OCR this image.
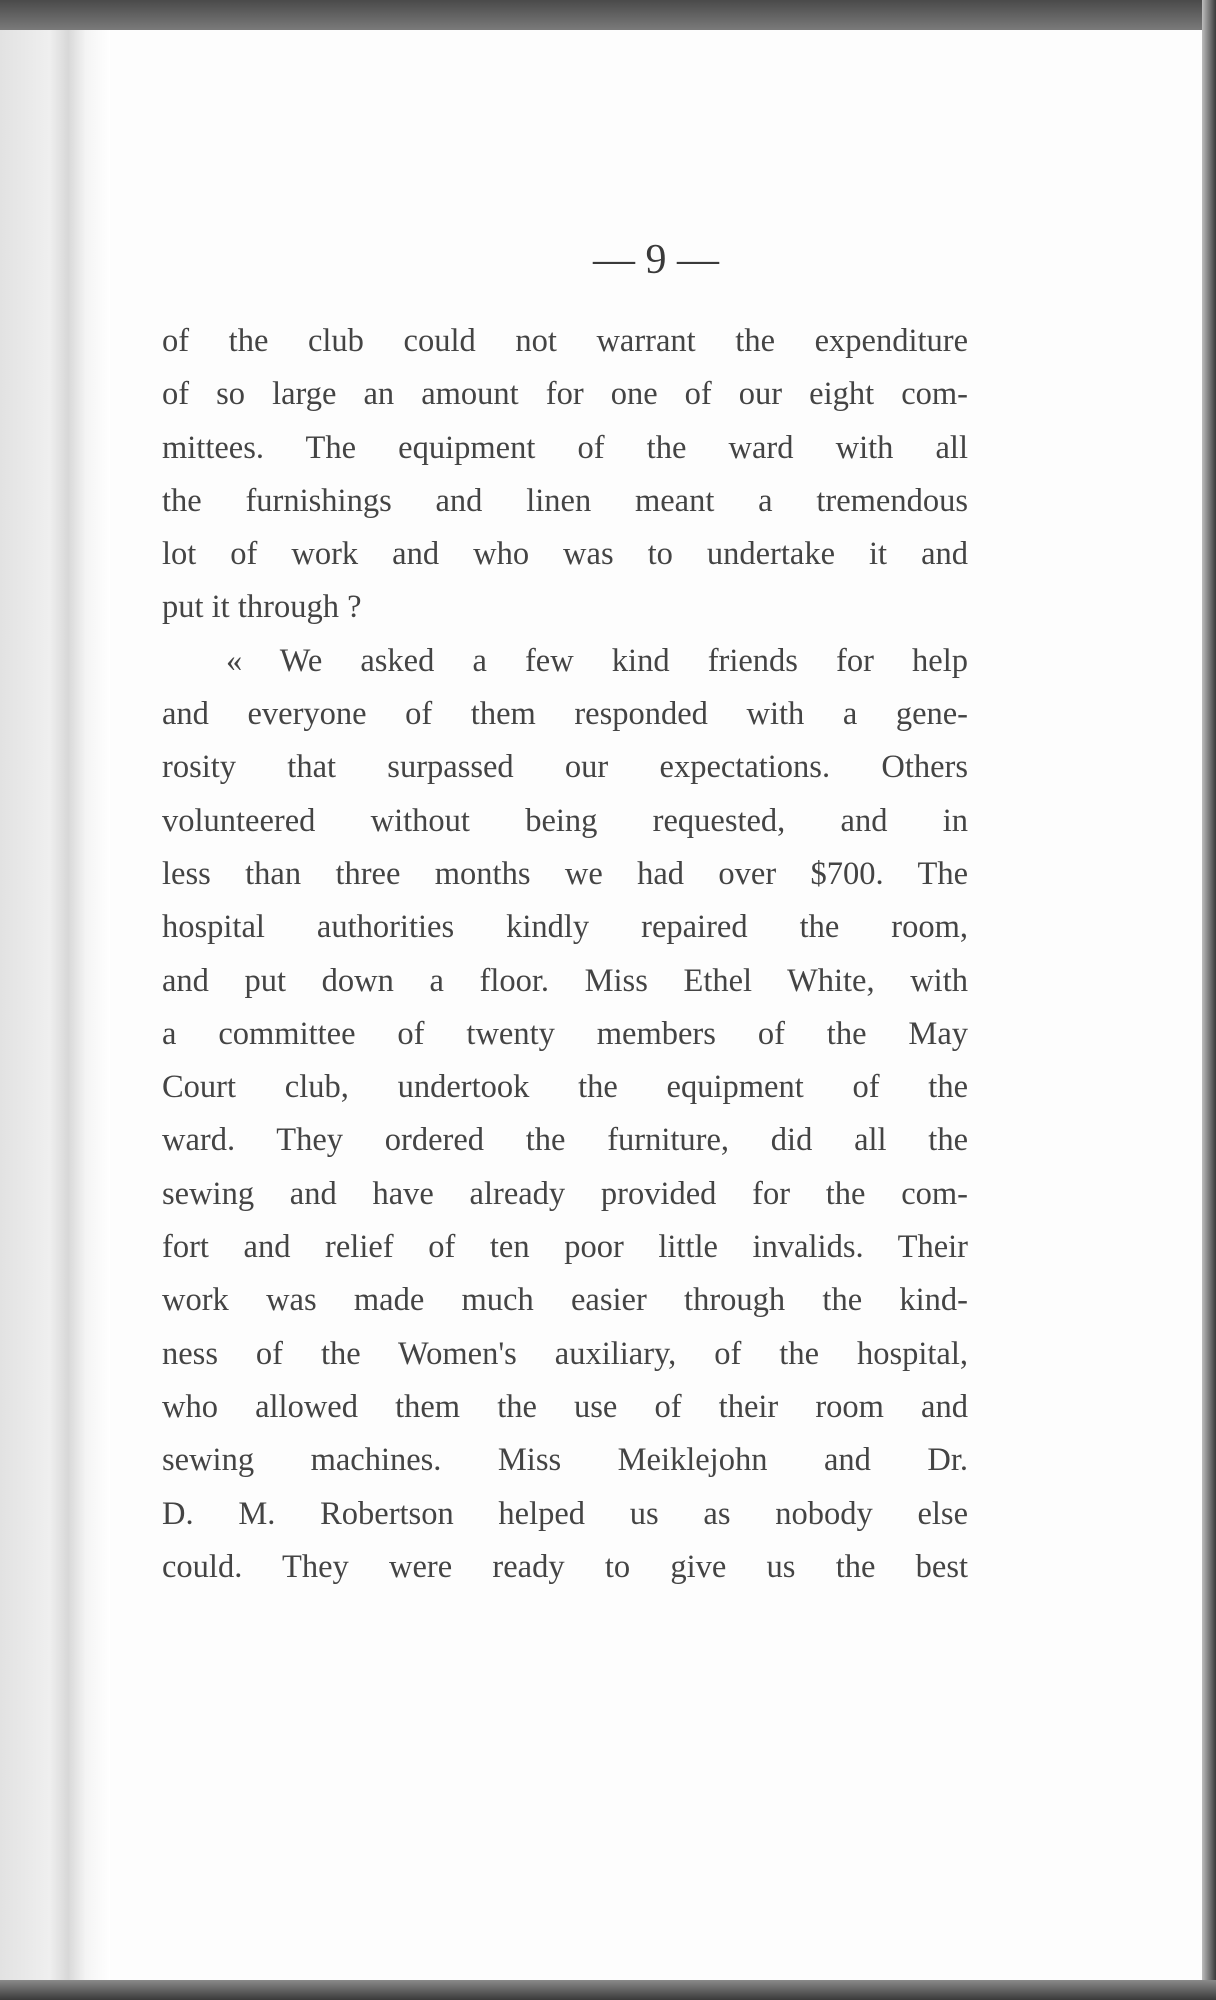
— 9 —

of the club could not warrant the expenditure
of so large an amount for one of our eight com-
mittees. The equipment of the ward with all
the furnishings and linen meant a tremendous
lot of work and who was to undertake it and
put it through ?
« We asked a few kind friends for help
and everyone of them responded with a gene-
rosity that surpassed our expectations. Others
volunteered without being requested, and in
less than three months we had over $700. The
hospital authorities kindly repaired the room,
and put down a floor. Miss Ethel White, with
a committee of twenty members of the May
Court club, undertook the equipment of the
ward. They ordered the furniture, did all the
sewing and have already provided for the com-
fort and relief of ten poor little invalids. Their
work was made much easier through the kind-
ness of the Women's auxiliary, of the hospital,
who allowed them the use of their room and
sewing machines. Miss Meiklejohn and Dr.
D. M. Robertson helped us as nobody else
could. They were ready to give us the best
